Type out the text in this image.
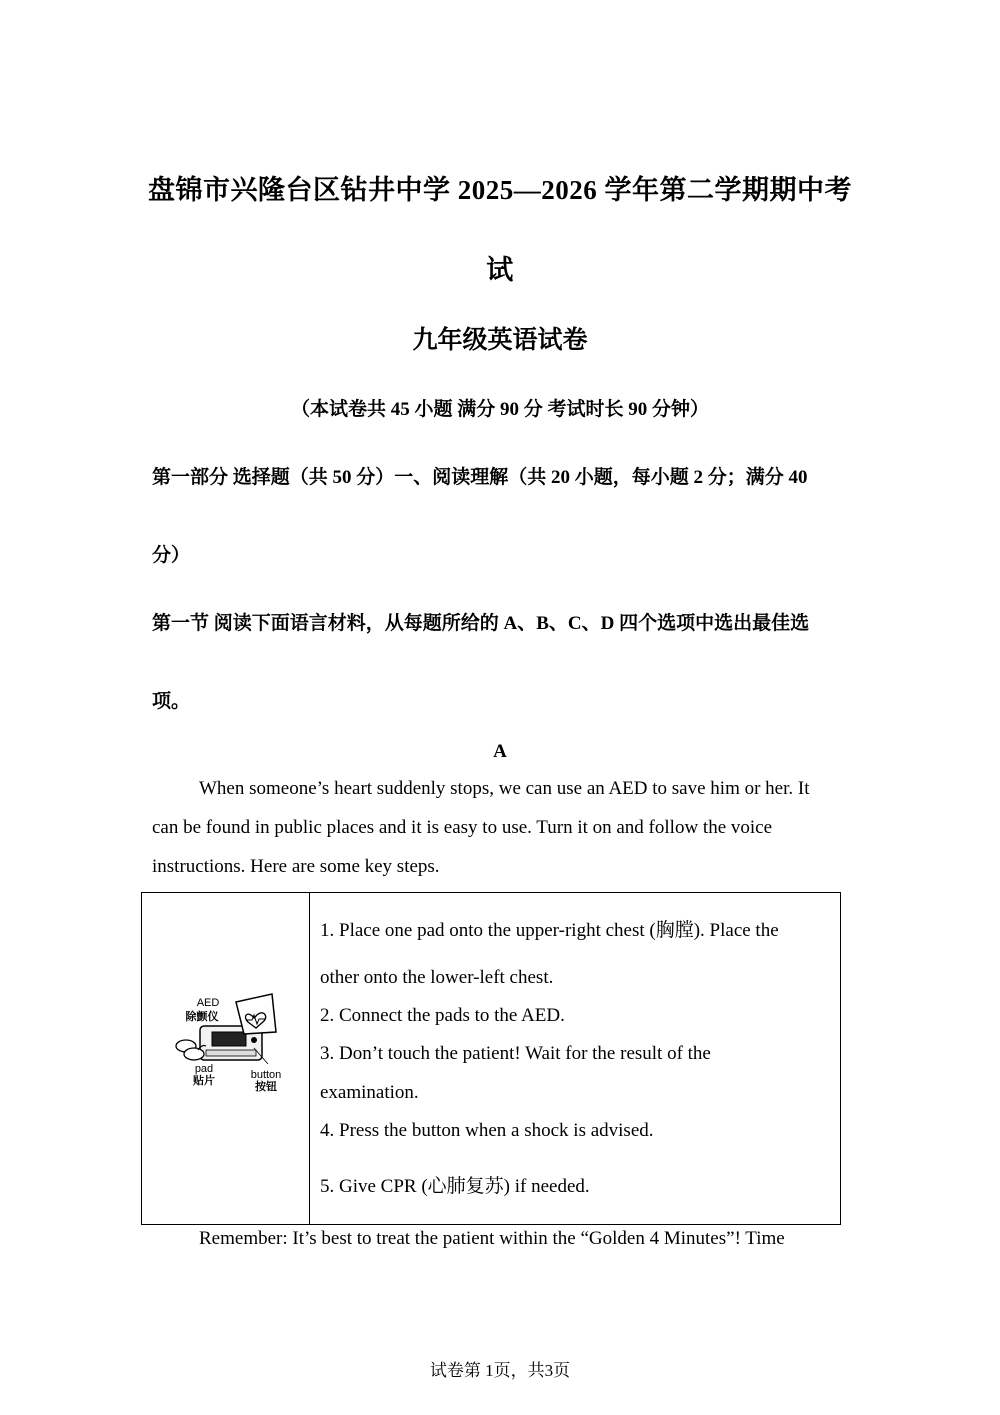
盘锦市兴隆台区钻井中学 2025—2026 学年第二学期期中考
试
九年级英语试卷
（本试卷共 45 小题 满分 90 分 考试时长 90 分钟）
第一部分 选择题（共 50 分）一、阅读理解（共 20 小题，每小题 2 分；满分 40
分）
第一节 阅读下面语言材料，从每题所给的 A、B、C、D 四个选项中选出最佳选
项。
A
When someone’s heart suddenly stops, we can use an AED to save him or her. It
can be found in public places and it is easy to use. Turn it on and follow the voice
instructions. Here are some key steps.
AED
除颤仪
pad
贴片	button
按钮
1. Place one pad onto the upper-right chest (胸膛). Place the
other onto the lower-left chest.
2. Connect the pads to the AED.
3. Don’t touch the patient! Wait for the result of the
examination.
4. Press the button when a shock is advised.
5. Give CPR (心肺复苏) if needed.
Remember: It’s best to treat the patient within the “Golden 4 Minutes”! Time
试卷第 1页，共3页
